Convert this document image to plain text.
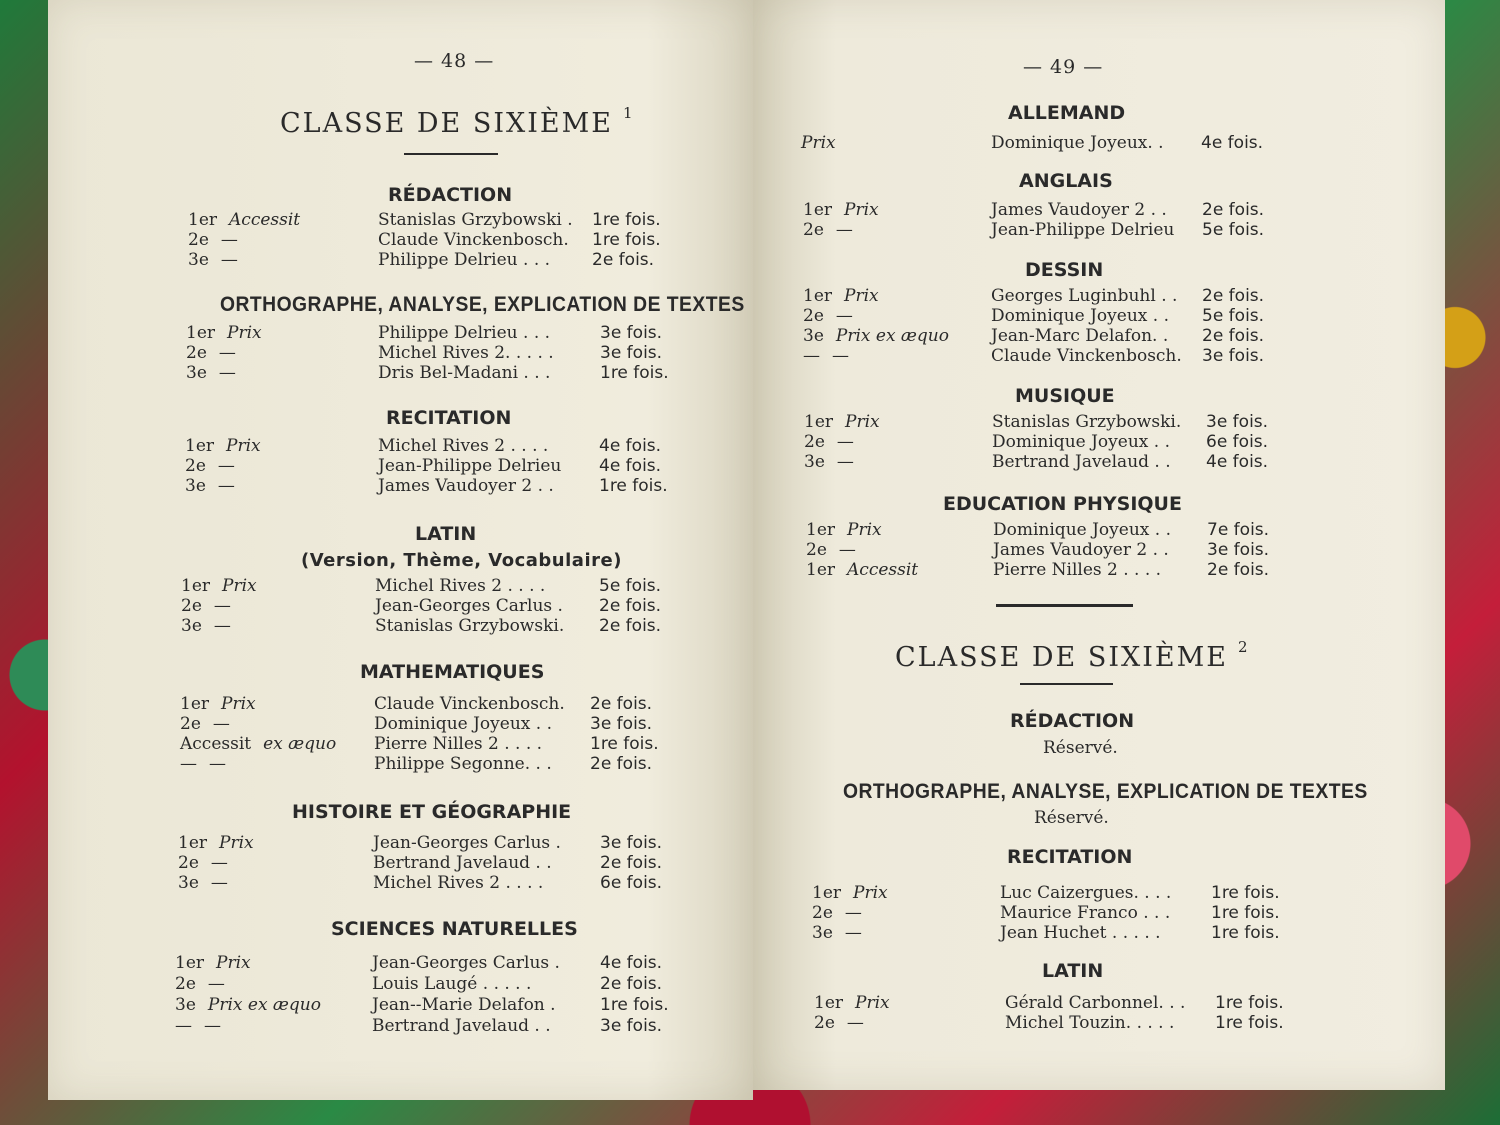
— 48 —
CLASSE DE SIXIÈME $^1$
RÉDACTION
1er Accessit	Stanislas Grzybowski . 1re fois.
2e —	Claude Vinckenbosch. 1re fois.
3e —	Philippe Delrieu . . . 2e fois.
ORTHOGRAPHE, ANALYSE, EXPLICATION DE TEXTES
1er Prix	Philippe Delrieu . . .	3e fois.
2e —	Michel Rives 2. . . . .	3e fois.
3e —	Dris Bel-Madani . . .	1re fois.
RECITATION
1er Prix	Michel Rives 2 . . . .	4e fois.
2e —	Jean-Philippe Delrieu 4e fois.
3e —	James Vaudoyer 2 . .	1re fois.
LATIN
(Version, Thème, Vocabulaire)
1er Prix	Michel Rives 2 . . . .	5e fois.
2e —	Jean-Georges Carlus . 2e fois.
3e —	Stanislas Grzybowski. 2e fois.
MATHEMATIQUES
1er Prix	Claude Vinckenbosch. 2e fois.
2e —	Dominique Joyeux . . 3e fois.
Accessit ex æquo Pierre Nilles 2 . . . .	1re fois.
— —	Philippe Segonne. . . 2e fois.
HISTOIRE ET GÉOGRAPHIE
1er Prix	Jean-Georges Carlus . 3e fois.
2e —	Bertrand Javelaud . .	2e fois.
3e —	Michel Rives 2 . . . .	6e fois.
SCIENCES NATURELLES
1er Prix	Jean-Georges Carlus . 4e fois.
2e —	Louis Laugé . . . . .	2e fois.
3e Prix ex æquo	Jean--Marie Delafon .	1re fois.
— —	Bertrand Javelaud . .	3e fois.
— 49 —
ALLEMAND
Prix	Dominique Joyeux. . 4e fois.
ANGLAIS
1er Prix	James Vaudoyer 2 . . 2e fois.
2e —	Jean-Philippe Delrieu 5e fois.
DESSIN
1er Prix	Georges Luginbuhl . . 2e fois.
2e —	Dominique Joyeux . . 5e fois.
3e Prix ex æquo Jean-Marc Delafon. . 2e fois.
— —	Claude Vinckenbosch. 3e fois.
MUSIQUE
1er Prix	Stanislas Grzybowski. 3e fois.
2e —	Dominique Joyeux . . 6e fois.
3e —	Bertrand Javelaud . . 4e fois.
EDUCATION PHYSIQUE
1er Prix	Dominique Joyeux . . 7e fois.
2e —	James Vaudoyer 2 . . 3e fois.
1er Accessit	Pierre Nilles 2 . . . .	2e fois.
CLASSE DE SIXIÈME $^2$
RÉDACTION
Réservé.
ORTHOGRAPHE, ANALYSE, EXPLICATION DE TEXTES
Réservé.
RECITATION
1er Prix	Luc Caizergues. . . . 1re fois.
2e —	Maurice Franco . . . 1re fois.
3e —	Jean Huchet . . . . .	1re fois.
LATIN
1er Prix	Gérald Carbonnel. . . 1re fois.
2e —	Michel Touzin. . . . . 1re fois.
